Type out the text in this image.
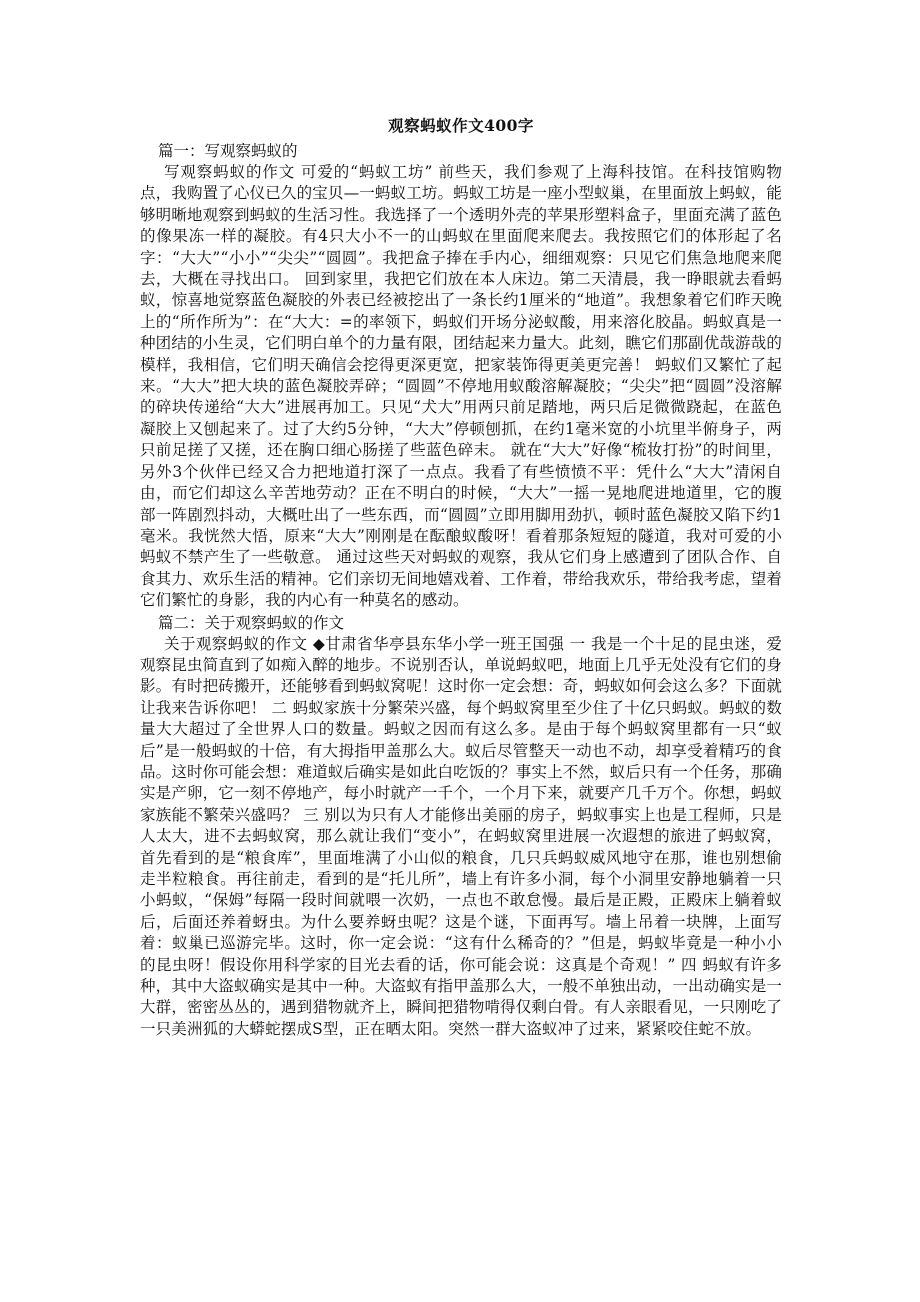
观察蚂蚁作文400字

篇一：写观察蚂蚁的

写观察蚂蚁的作文 可爱的“蚂蚁工坊” 前些天，我们参观了上海科技馆。在科技馆购物点，我购置了心仪已久的宝贝—一蚂蚁工坊。蚂蚁工坊是一座小型蚁巢，在里面放上蚂蚁，能够明晰地观察到蚂蚁的生活习性。我选择了一个透明外壳的苹果形塑料盒子，里面充满了蓝色的像果冻一样的凝胶。有4只大小不一的山蚂蚁在里面爬来爬去。我按照它们的体形起了名字：“大大”“小小”“尖尖”“圆圆”。我把盒子捧在手内心，细细观察：只见它们焦急地爬来爬去，大概在寻找出口。 回到家里，我把它们放在本人床边。第二天清晨，我一睁眼就去看蚂蚁，惊喜地觉察蓝色凝胶的外表已经被挖出了一条长约1厘米的“地道”。我想象着它们昨天晚上的“所作所为”：在“大大：=的率领下，蚂蚁们开场分泌蚁酸，用来溶化胶晶。蚂蚁真是一种团结的小生灵，它们明白单个的力量有限，团结起来力量大。此刻，瞧它们那副优哉游哉的模样，我相信，它们明天确信会挖得更深更宽，把家装饰得更美更完善！ 蚂蚁们又繁忙了起来。“大大”把大块的蓝色凝胶弄碎；“圆圆”不停地用蚁酸溶解凝胶；“尖尖”把“圆圆”没溶解的碎块传递给“大大”进展再加工。只见“犬大”用两只前足踏地，两只后足微微跷起，在蓝色凝胶上又刨起来了。过了大约5分钟，“大大”停顿刨抓，在约1毫米宽的小坑里半俯身子，两只前足搓了又搓，还在胸口细心肠搓了些蓝色碎末。 就在“大大”好像“梳妆打扮”的时间里，另外3个伙伴已经又合力把地道打深了一点点。我看了有些愤愤不平：凭什么“大大”清闲自由，而它们却这么辛苦地劳动？正在不明白的时候，“大大”一摇一晃地爬进地道里，它的腹部一阵剧烈抖动，大概吐出了一些东西，而“圆圆”立即用脚用劲扒，顿时蓝色凝胶又陷下约1毫米。我恍然大悟，原来“大大”刚刚是在酝酿蚁酸呀！看着那条短短的隧道，我对可爱的小蚂蚁不禁产生了一些敬意。 通过这些天对蚂蚁的观察，我从它们身上感遭到了团队合作、自食其力、欢乐生活的精神。它们亲切无间地嬉戏着、工作着，带给我欢乐，带给我考虑，望着它们繁忙的身影，我的内心有一种莫名的感动。

篇二：关于观察蚂蚁的作文

关于观察蚂蚁的作文 ◆甘肃省华亭县东华小学一班王国强 一 我是一个十足的昆虫迷，爱观察昆虫简直到了如痴入醉的地步。不说别否认，单说蚂蚁吧，地面上几乎无处没有它们的身影。有时把砖搬开，还能够看到蚂蚁窝呢！这时你一定会想：奇，蚂蚁如何会这么多？下面就让我来告诉你吧！ 二 蚂蚁家族十分繁荣兴盛，每个蚂蚁窝里至少住了十亿只蚂蚁。蚂蚁的数量大大超过了全世界人口的数量。蚂蚁之因而有这么多。是由于每个蚂蚁窝里都有一只“蚁后”是一般蚂蚁的十倍，有大拇指甲盖那么大。蚁后尽管整天一动也不动，却享受着精巧的食品。这时你可能会想：难道蚁后确实是如此白吃饭的？事实上不然，蚁后只有一个任务，那确实是产卵，它一刻不停地产，每小时就产一千个，一个月下来，就要产几千万个。你想，蚂蚁家族能不繁荣兴盛吗？ 三 别以为只有人才能修出美丽的房子，蚂蚁事实上也是工程师，只是人太大，进不去蚂蚁窝，那么就让我们“变小”，在蚂蚁窝里进展一次遐想的旅进了蚂蚁窝，首先看到的是“粮食库”，里面堆满了小山似的粮食，几只兵蚂蚁威风地守在那，谁也别想偷走半粒粮食。再往前走，看到的是“托儿所”，墙上有许多小洞，每个小洞里安静地躺着一只小蚂蚁，“保姆”每隔一段时间就喂一次奶，一点也不敢怠慢。最后是正殿，正殿床上躺着蚁后，后面还养着蚜虫。为什么要养蚜虫呢？这是个谜，下面再写。墙上吊着一块牌，上面写着：蚁巢已巡游完毕。这时，你一定会说：“这有什么稀奇的？”但是，蚂蚁毕竟是一种小小的昆虫呀！假设你用科学家的目光去看的话，你可能会说：这真是个奇观！” 四 蚂蚁有许多种，其中大盗蚁确实是其中一种。大盗蚁有指甲盖那么大，一般不单独出动，一出动确实是一大群，密密丛丛的，遇到猎物就齐上，瞬间把猎物啃得仅剩白骨。有人亲眼看见，一只刚吃了一只美洲狐的大蟒蛇摆成S型，正在晒太阳。突然一群大盗蚁冲了过来，紧紧咬住蛇不放。
